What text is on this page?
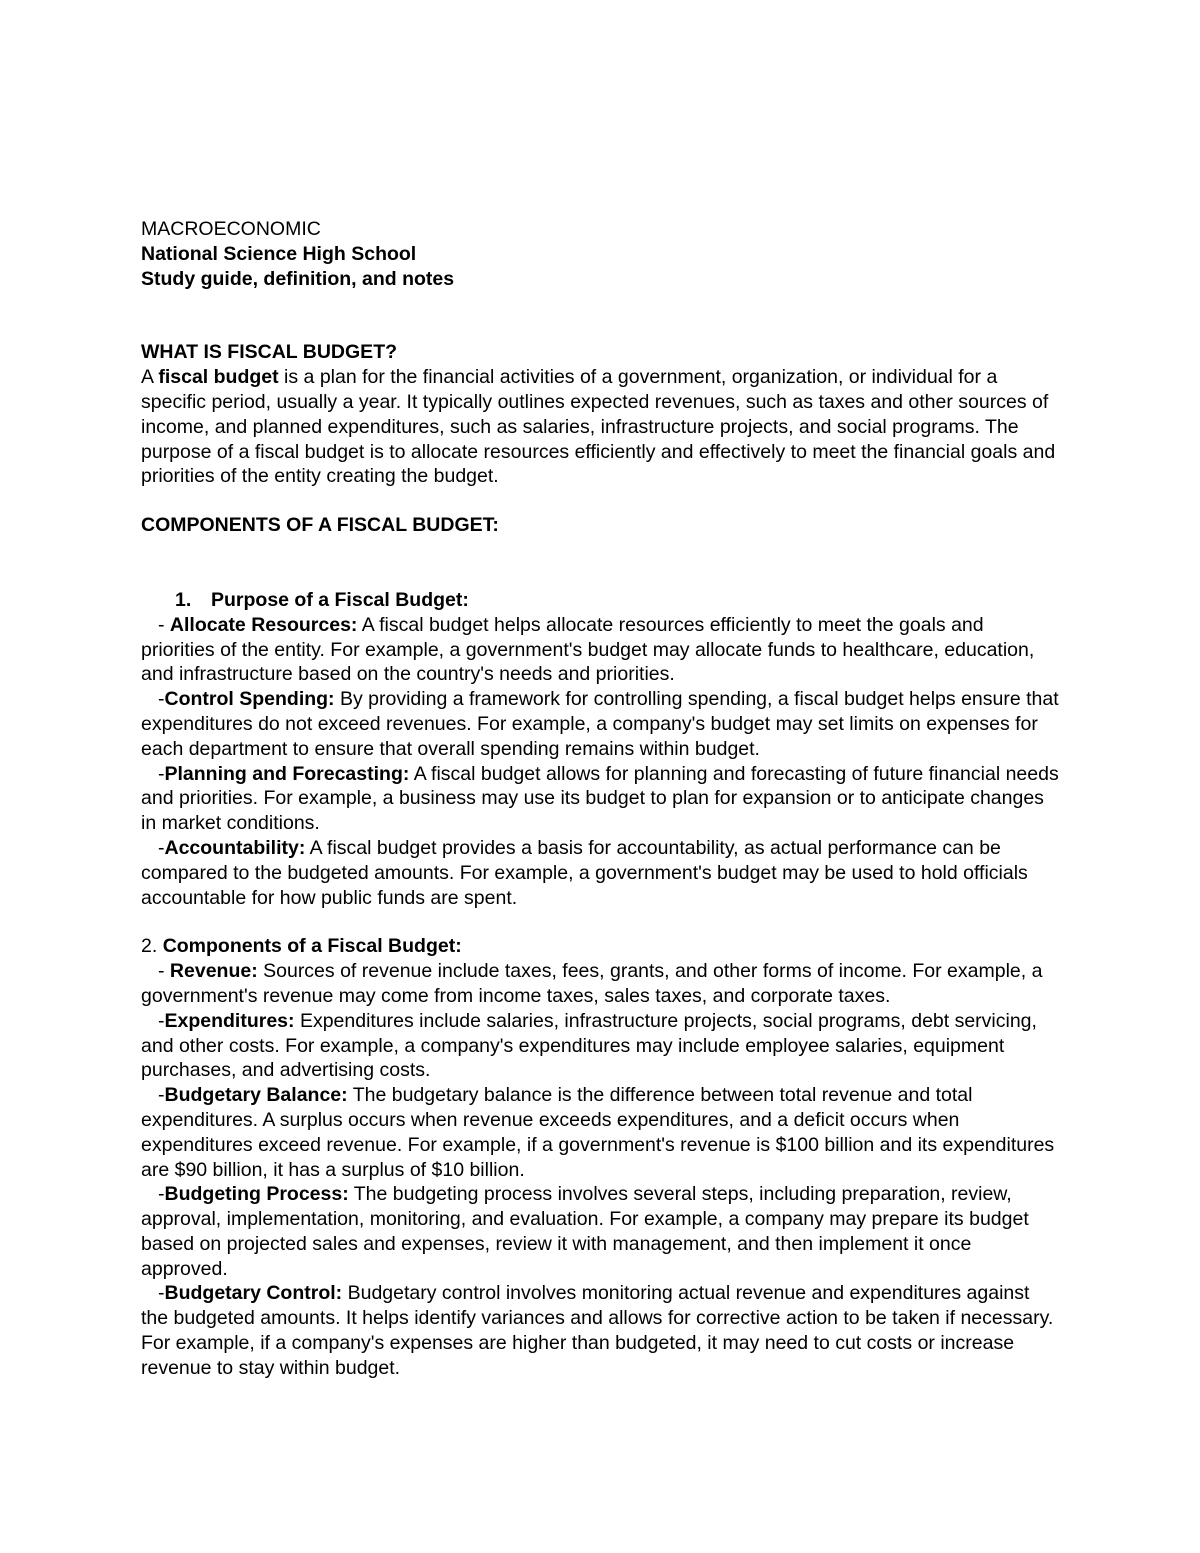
MACROECONOMIC

National Science High School

Study guide, definition, and notes

WHAT IS FISCAL BUDGET?

A fiscal budget is a plan for the financial activities of a government, organization, or individual for a specific period, usually a year. It typically outlines expected revenues, such as taxes and other sources of income, and planned expenditures, such as salaries, infrastructure projects, and social programs. The purpose of a fiscal budget is to allocate resources efficiently and effectively to meet the financial goals and priorities of the entity creating the budget.

COMPONENTS OF A FISCAL BUDGET:

1. Purpose of a Fiscal Budget:

- Allocate Resources: A fiscal budget helps allocate resources efficiently to meet the goals and priorities of the entity. For example, a government's budget may allocate funds to healthcare, education, and infrastructure based on the country's needs and priorities.

-Control Spending: By providing a framework for controlling spending, a fiscal budget helps ensure that expenditures do not exceed revenues. For example, a company's budget may set limits on expenses for each department to ensure that overall spending remains within budget.

-Planning and Forecasting: A fiscal budget allows for planning and forecasting of future financial needs and priorities. For example, a business may use its budget to plan for expansion or to anticipate changes in market conditions.

-Accountability: A fiscal budget provides a basis for accountability, as actual performance can be compared to the budgeted amounts. For example, a government's budget may be used to hold officials accountable for how public funds are spent.

2. Components of a Fiscal Budget:

- Revenue: Sources of revenue include taxes, fees, grants, and other forms of income. For example, a government's revenue may come from income taxes, sales taxes, and corporate taxes.

-Expenditures: Expenditures include salaries, infrastructure projects, social programs, debt servicing, and other costs. For example, a company's expenditures may include employee salaries, equipment purchases, and advertising costs.

-Budgetary Balance: The budgetary balance is the difference between total revenue and total expenditures. A surplus occurs when revenue exceeds expenditures, and a deficit occurs when expenditures exceed revenue. For example, if a government's revenue is $100 billion and its expenditures are $90 billion, it has a surplus of $10 billion.

-Budgeting Process: The budgeting process involves several steps, including preparation, review, approval, implementation, monitoring, and evaluation. For example, a company may prepare its budget based on projected sales and expenses, review it with management, and then implement it once approved.

-Budgetary Control: Budgetary control involves monitoring actual revenue and expenditures against the budgeted amounts. It helps identify variances and allows for corrective action to be taken if necessary. For example, if a company's expenses are higher than budgeted, it may need to cut costs or increase revenue to stay within budget.
